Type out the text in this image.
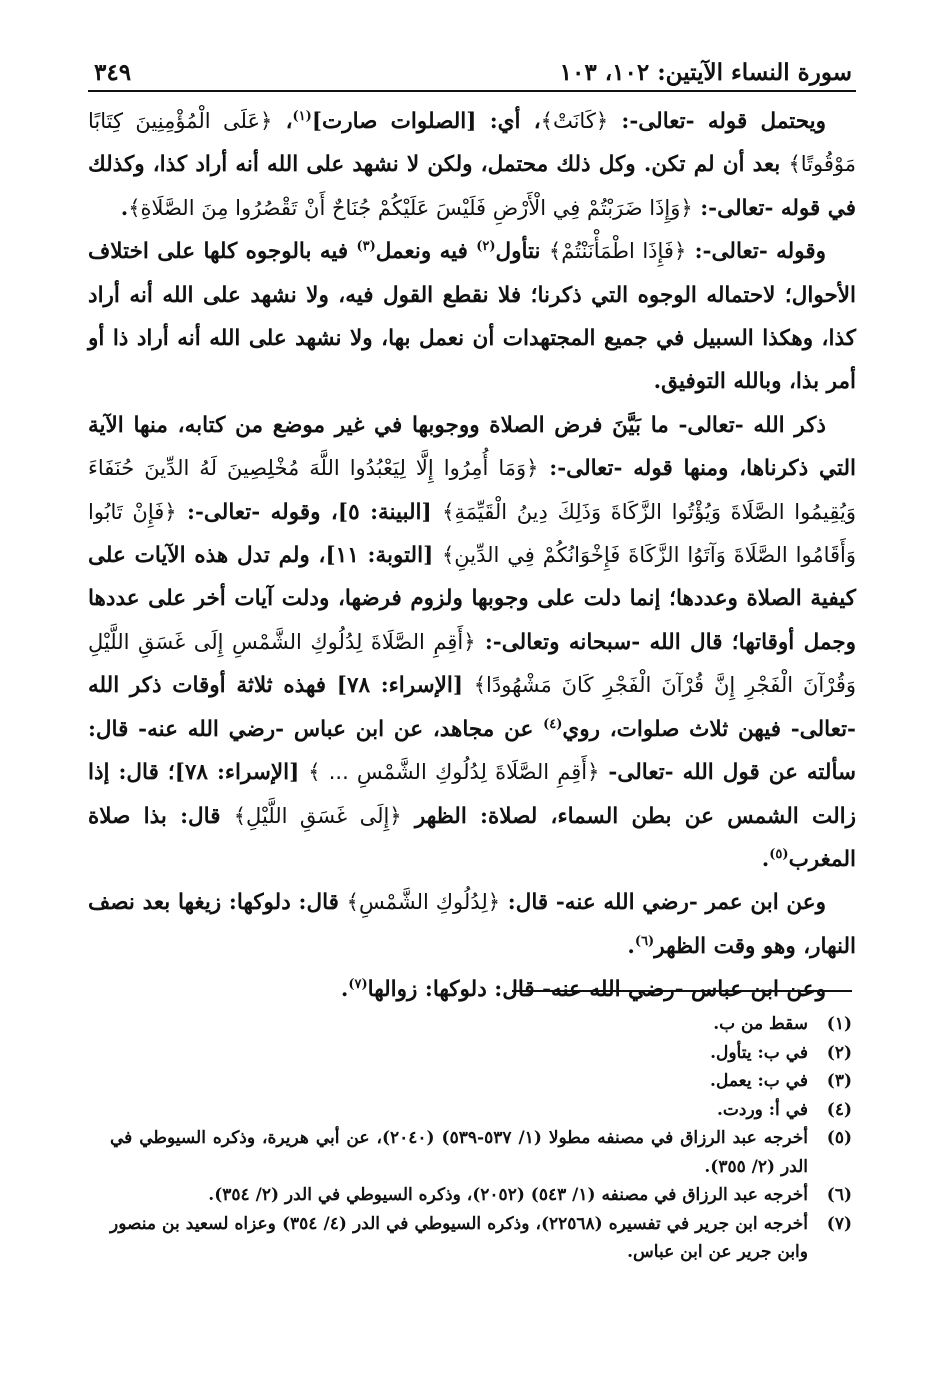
سورة النساء الآيتين: ١٠٢، ١٠٣
٣٤٩

ويحتمل قوله -تعالى-: ﴿كَانَتْ﴾، أي: [الصلوات صارت]$^{(١)}$، ﴿عَلَى الْمُؤْمِنِينَ كِتَابًا مَوْقُوتًا﴾ بعد أن لم تكن. وكل ذلك محتمل، ولكن لا نشهد على الله أنه أراد كذا، وكذلك في قوله -تعالى-: ﴿وَإِذَا ضَرَبْتُمْ فِي الْأَرْضِ فَلَيْسَ عَلَيْكُمْ جُنَاحٌ أَنْ تَقْصُرُوا مِنَ الصَّلَاةِ﴾.

وقوله -تعالى-: ﴿فَإِذَا اطْمَأْنَنْتُمْ﴾ نتأول$^{(٢)}$ فيه ونعمل$^{(٣)}$ فيه بالوجوه كلها على اختلاف الأحوال؛ لاحتماله الوجوه التي ذكرنا؛ فلا نقطع القول فيه، ولا نشهد على الله أنه أراد كذا، وهكذا السبيل في جميع المجتهدات أن نعمل بها، ولا نشهد على الله أنه أراد ذا أو أمر بذا، وبالله التوفيق.

ذكر الله -تعالى- ما بَيَّنَ فرض الصلاة ووجوبها في غير موضع من كتابه، منها الآية التي ذكرناها، ومنها قوله -تعالى-: ﴿وَمَا أُمِرُوا إِلَّا لِيَعْبُدُوا اللَّهَ مُخْلِصِينَ لَهُ الدِّينَ حُنَفَاءَ وَيُقِيمُوا الصَّلَاةَ وَيُؤْتُوا الزَّكَاةَ وَذَلِكَ دِينُ الْقَيِّمَةِ﴾ [البينة: ٥]، وقوله -تعالى-: ﴿فَإِنْ تَابُوا وَأَقَامُوا الصَّلَاةَ وَآتَوُا الزَّكَاةَ فَإِخْوَانُكُمْ فِي الدِّينِ﴾ [التوبة: ١١]، ولم تدل هذه الآيات على كيفية الصلاة وعددها؛ إنما دلت على وجوبها ولزوم فرضها، ودلت آيات أخر على عددها وجمل أوقاتها؛ قال الله -سبحانه وتعالى-: ﴿أَقِمِ الصَّلَاةَ لِدُلُوكِ الشَّمْسِ إِلَى غَسَقِ اللَّيْلِ وَقُرْآنَ الْفَجْرِ إِنَّ قُرْآنَ الْفَجْرِ كَانَ مَشْهُودًا﴾ [الإسراء: ٧٨] فهذه ثلاثة أوقات ذكر الله -تعالى- فيهن ثلاث صلوات، روي$^{(٤)}$ عن مجاهد، عن ابن عباس -رضي الله عنه- قال: سألته عن قول الله -تعالى- ﴿أَقِمِ الصَّلَاةَ لِدُلُوكِ الشَّمْسِ ... ﴾ [الإسراء: ٧٨]؛ قال: إذا زالت الشمس عن بطن السماء، لصلاة: الظهر ﴿إِلَى غَسَقِ اللَّيْلِ﴾ قال: بذا صلاة المغرب$^{(٥)}$.

وعن ابن عمر -رضي الله عنه- قال: ﴿لِدُلُوكِ الشَّمْسِ﴾ قال: دلوكها: زيغها بعد نصف النهار، وهو وقت الظهر$^{(٦)}$.

وعن ابن عباس -رضي الله عنه- قال: دلوكها: زوالها$^{(٧)}$.

(١)
سقط من ب.
(٢)
في ب: يتأول.
(٣)
في ب: يعمل.
(٤)
في أ: وردت.
(٥)
أخرجه عبد الرزاق في مصنفه مطولا (١/ ٥٣٧-٥٣٩) (٢٠٤٠)، عن أبي هريرة، وذكره السيوطي في الدر (٢/ ٣٥٥).
(٦)
أخرجه عبد الرزاق في مصنفه (١/ ٥٤٣) (٢٠٥٢)، وذكره السيوطي في الدر (٢/ ٣٥٤).
(٧)
أخرجه ابن جرير في تفسيره (٢٢٥٦٨)، وذكره السيوطي في الدر (٤/ ٣٥٤) وعزاه لسعيد بن منصور وابن جرير عن ابن عباس.
